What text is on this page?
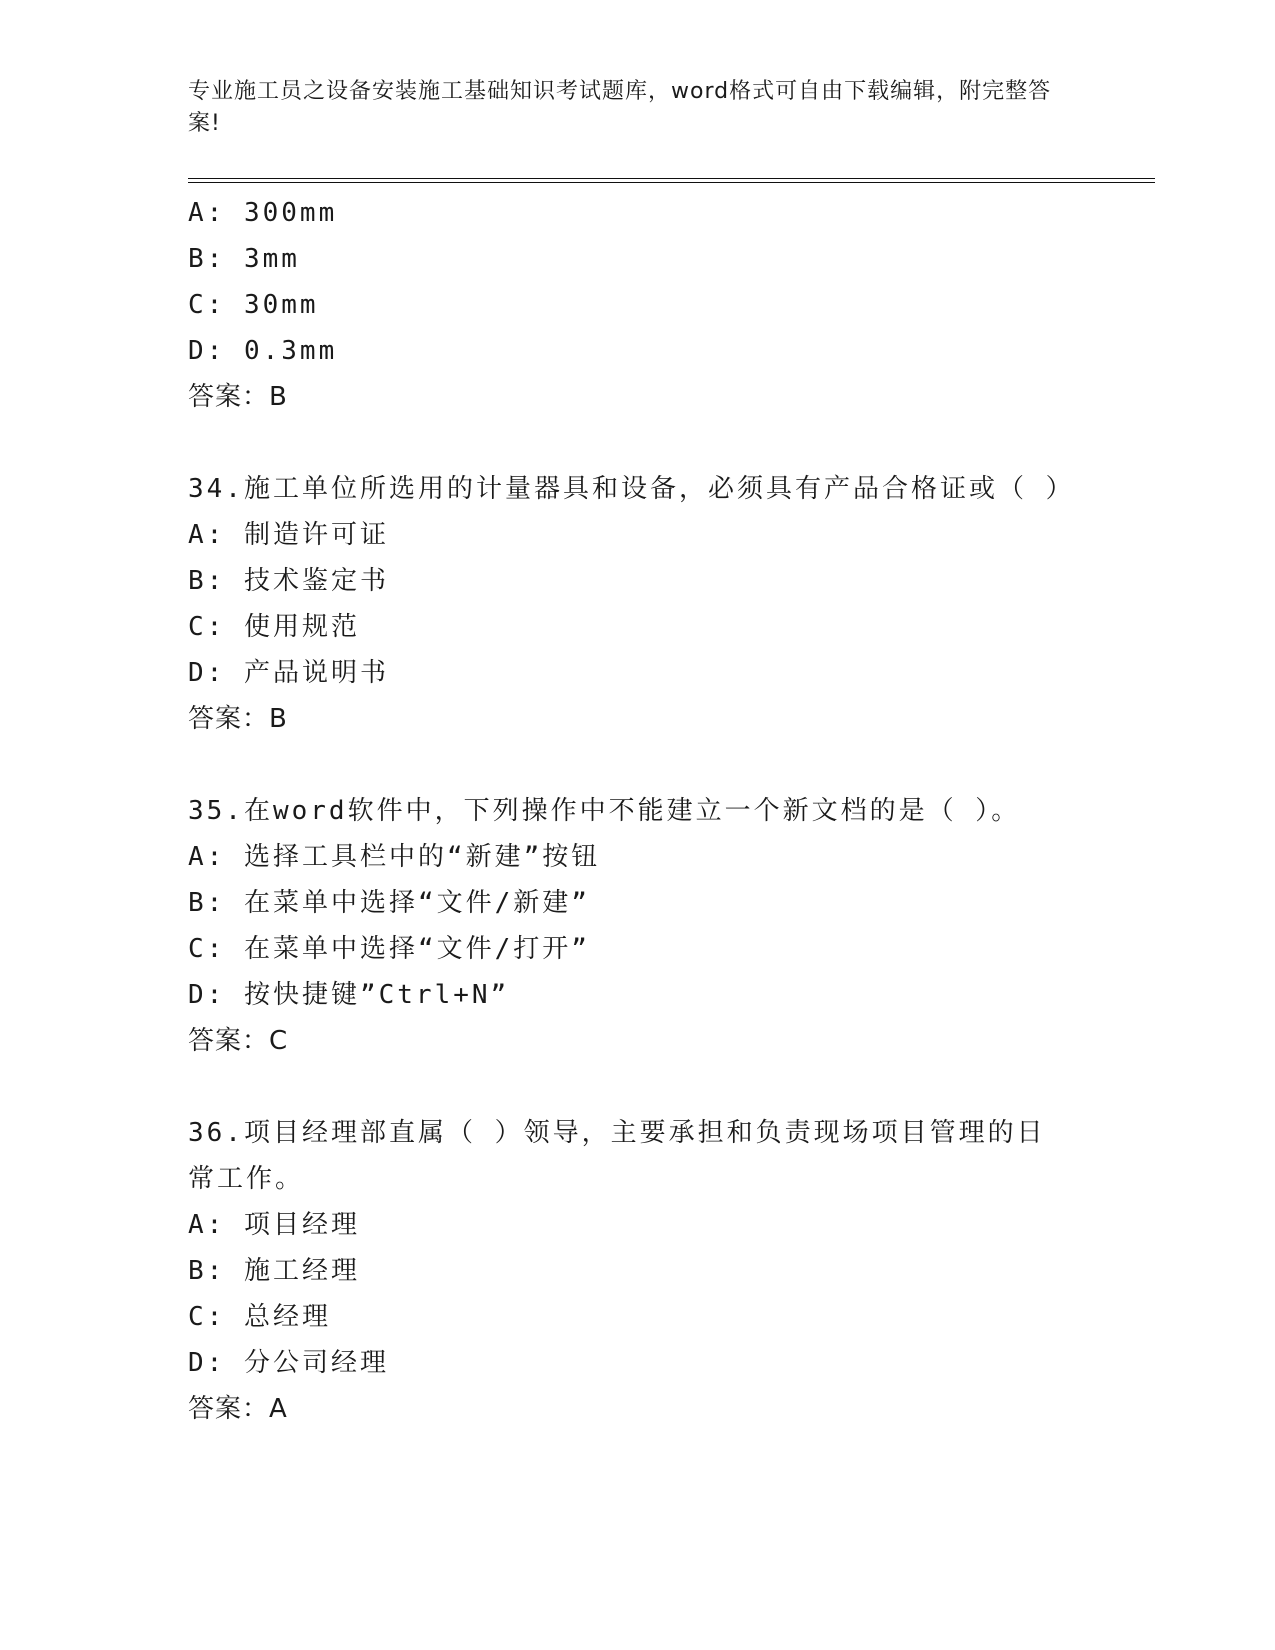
专业施工员之设备安装施工基础知识考试题库，word格式可自由下载编辑，附完整答案!
A: 300mm
B: 3mm
C: 30mm
D: 0.3mm
答案：B
34.施工单位所选用的计量器具和设备，必须具有产品合格证或（ ）
A: 制造许可证
B: 技术鉴定书
C: 使用规范
D: 产品说明书
答案：B
35.在word软件中，下列操作中不能建立一个新文档的是（ ）。
A: 选择工具栏中的“新建”按钮
B: 在菜单中选择“文件/新建”
C: 在菜单中选择“文件/打开”
D: 按快捷键”Ctrl+N”
答案：C
36.项目经理部直属（ ）领导，主要承担和负责现场项目管理的日常工作。
A: 项目经理
B: 施工经理
C: 总经理
D: 分公司经理
答案：A
